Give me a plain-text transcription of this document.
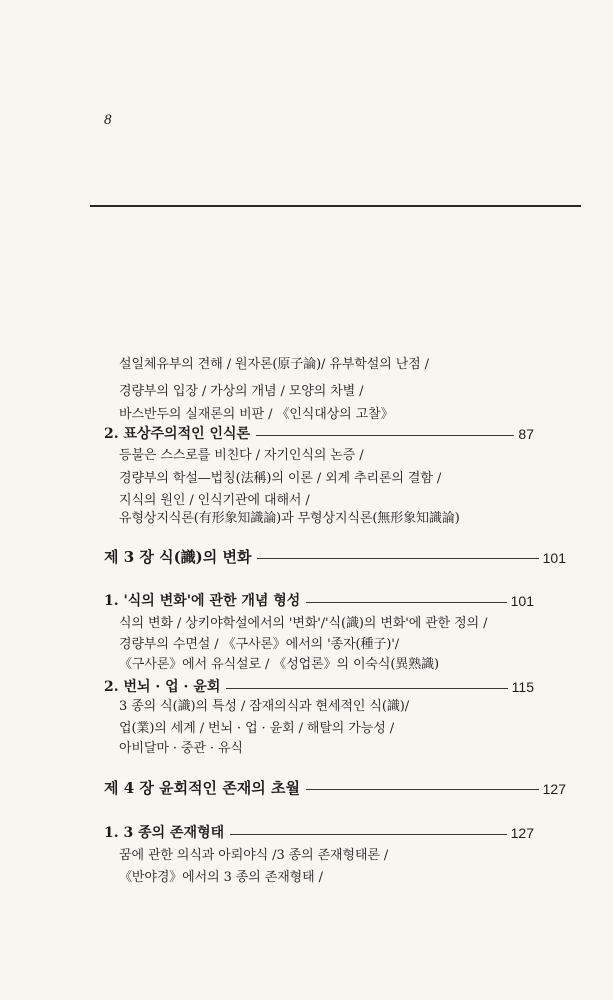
8
설일체유부의 견해 / 원자론(原子論)/ 유부학설의 난점 /
경량부의 입장 / 가상의 개념 / 모양의 차별 /
바스반두의 실재론의 비판 / 《인식대상의 고찰》
2. 표상주의적인 인식론	87
등불은 스스로를 비친다 / 자기인식의 논증 /
경량부의 학설—법칭(法稱)의 이론 / 외계 추리론의 결함 /
지식의 원인 / 인식기관에 대해서 /
유형상지식론(有形象知識論)과 무형상지식론(無形象知識論)
제 3 장 식(識)의 변화	101
1. '식의 변화'에 관한 개념 형성	101
식의 변화 / 상키야학설에서의 '변화'/'식(識)의 변화'에 관한 정의 /
경량부의 수면설 / 《구사론》에서의 '종자(種子)'/
《구사론》에서 유식설로 / 《성업론》의 이숙식(異熟識)
2. 번뇌 · 업 · 윤회	115
3 종의 식(識)의 특성 / 잠재의식과 현세적인 식(識)/
업(業)의 세계 / 번뇌 · 업 · 윤회 / 해탈의 가능성 /
아비달마 · 중관 · 유식
제 4 장 윤회적인 존재의 초월	127
1. 3 종의 존재형태	127
꿈에 관한 의식과 아뢰야식 /3 종의 존재형태론 /
《반야경》에서의 3 종의 존재형태 /
